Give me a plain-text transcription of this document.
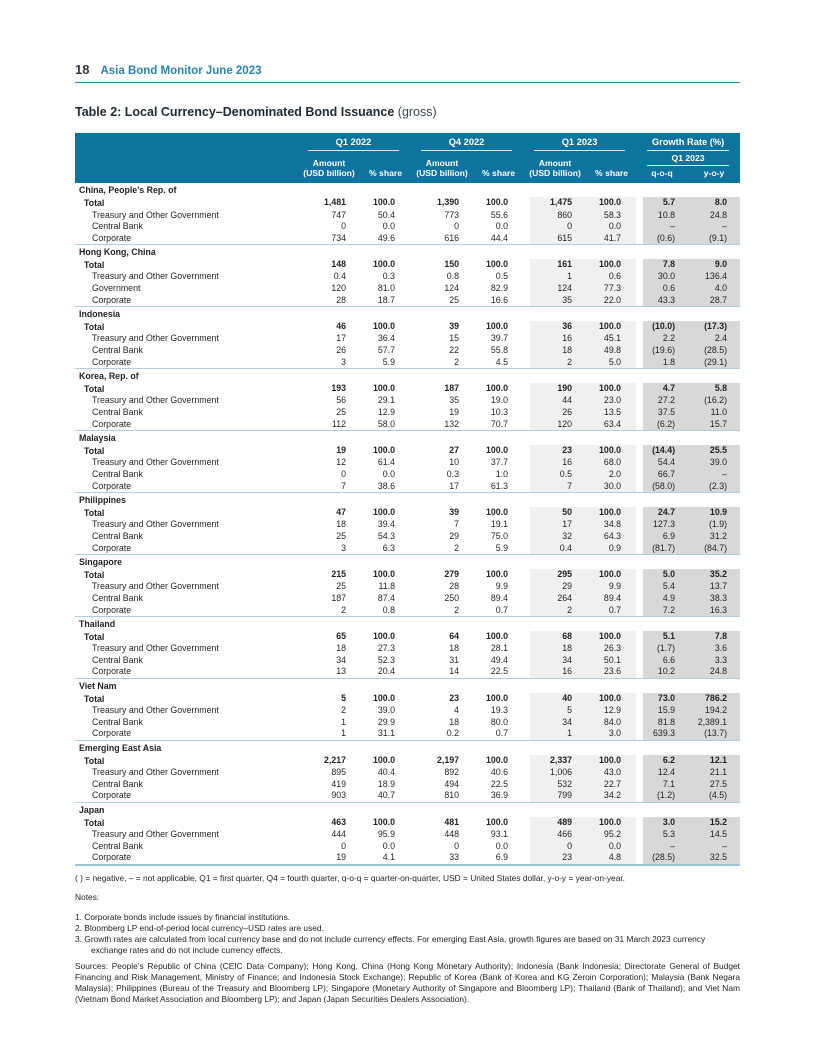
18 Asia Bond Monitor June 2023
Table 2: Local Currency–Denominated Bond Issuance (gross)

	Q1 2022		Q4 2022		Q1 2023		Growth Rate (%)	

Amount
(USD billion)	% share	
Amount
(USD billion)	% share	
Amount
(USD billion)	% share	
Q1 2023

							q-o-q	y-o-y
China, People’s Rep. of								
Total	1,481	100.0	1,390	100.0	1,475	100.0	5.7	8.0
Treasury and Other Government	747	50.4	773	55.6	860	58.3	10.8	24.8
Central Bank	0	0.0	0	0.0	0	0.0	–	–
Corporate	734	49.6	616	44.4	615	41.7	(0.6)	(9.1)
Hong Kong, China								
Total	148	100.0	150	100.0	161	100.0	7.8	9.0
Treasury and Other Government	0.4	0.3	0.8	0.5	1	0.6	30.0	136.4
Government	120	81.0	124	82.9	124	77.3	0.6	4.0
Corporate	28	18.7	25	16.6	35	22.0	43.3	28.7
Indonesia								
Total	46	100.0	39	100.0	36	100.0	(10.0)	(17.3)
Treasury and Other Government	17	36.4	15	39.7	16	45.1	2.2	2.4
Central Bank	26	57.7	22	55.8	18	49.8	(19.6)	(28.5)
Corporate	3	5.9	2	4.5	2	5.0	1.8	(29.1)
Korea, Rep. of								
Total	193	100.0	187	100.0	190	100.0	4.7	5.8
Treasury and Other Government	56	29.1	35	19.0	44	23.0	27.2	(16.2)
Central Bank	25	12.9	19	10.3	26	13.5	37.5	11.0
Corporate	112	58.0	132	70.7	120	63.4	(6.2)	15.7
Malaysia								
Total	19	100.0	27	100.0	23	100.0	(14.4)	25.5
Treasury and Other Government	12	61.4	10	37.7	16	68.0	54.4	39.0
Central Bank	0	0.0	0.3	1.0	0.5	2.0	66.7	–
Corporate	7	38.6	17	61.3	7	30.0	(58.0)	(2.3)
Philippines								
Total	47	100.0	39	100.0	50	100.0	24.7	10.9
Treasury and Other Government	18	39.4	7	19.1	17	34.8	127.3	(1.9)
Central Bank	25	54.3	29	75.0	32	64.3	6.9	31.2
Corporate	3	6.3	2	5.9	0.4	0.9	(81.7)	(84.7)
Singapore								
Total	215	100.0	279	100.0	295	100.0	5.0	35.2
Treasury and Other Government	25	11.8	28	9.9	29	9.9	5.4	13.7
Central Bank	187	87.4	250	89.4	264	89.4	4.9	38.3
Corporate	2	0.8	2	0.7	2	0.7	7.2	16.3
Thailand								
Total	65	100.0	64	100.0	68	100.0	5.1	7.8
Treasury and Other Government	18	27.3	18	28.1	18	26.3	(1.7)	3.6
Central Bank	34	52.3	31	49.4	34	50.1	6.6	3.3
Corporate	13	20.4	14	22.5	16	23.6	10.2	24.8
Viet Nam								
Total	5	100.0	23	100.0	40	100.0	73.0	786.2
Treasury and Other Government	2	39.0	4	19.3	5	12.9	15.9	194.2
Central Bank	1	29.9	18	80.0	34	84.0	81.8	2,389.1
Corporate	1	31.1	0.2	0.7	1	3.0	639.3	(13.7)
Emerging East Asia								
Total	2,217	100.0	2,197	100.0	2,337	100.0	6.2	12.1
Treasury and Other Government	895	40.4	892	40.6	1,006	43.0	12.4	21.1
Central Bank	419	18.9	494	22.5	532	22.7	7.1	27.5
Corporate	903	40.7	810	36.9	799	34.2	(1.2)	(4.5)
Japan								
Total	463	100.0	481	100.0	489	100.0	3.0	15.2
Treasury and Other Government	444	95.9	448	93.1	466	95.2	5.3	14.5
Central Bank	0	0.0	0	0.0	0	0.0	–	–
Corporate	19	4.1	33	6.9	23	4.8	(28.5)	32.5

( ) = negative, – = not applicable, Q1 = first quarter, Q4 = fourth quarter, q-o-q = quarter-on-quarter, USD = United States dollar, y-o-y = year-on-year.

Notes:

1. Corporate bonds include issues by financial institutions.
2. Bloomberg LP end-of-period local currency–USD rates are used.
3. Growth rates are calculated from local currency base and do not include currency effects. For emerging East Asia, growth figures are based on 31 March 2023 currency exchange rates and do not include currency effects.

Sources: People’s Republic of China (CEIC Data Company); Hong Kong, China (Hong Kong Monetary Authority); Indonesia (Bank Indonesia; Directorate General of Budget Financing and Risk Management, Ministry of Finance; and Indonesia Stock Exchange); Republic of Korea (Bank of Korea and KG Zeroin Corporation); Malaysia (Bank Negara Malaysia); Philippines (Bureau of the Treasury and Bloomberg LP); Singapore (Monetary Authority of Singapore and Bloomberg LP); Thailand (Bank of Thailand); and Viet Nam (Vietnam Bond Market Association and Bloomberg LP); and Japan (Japan Securities Dealers Association).
